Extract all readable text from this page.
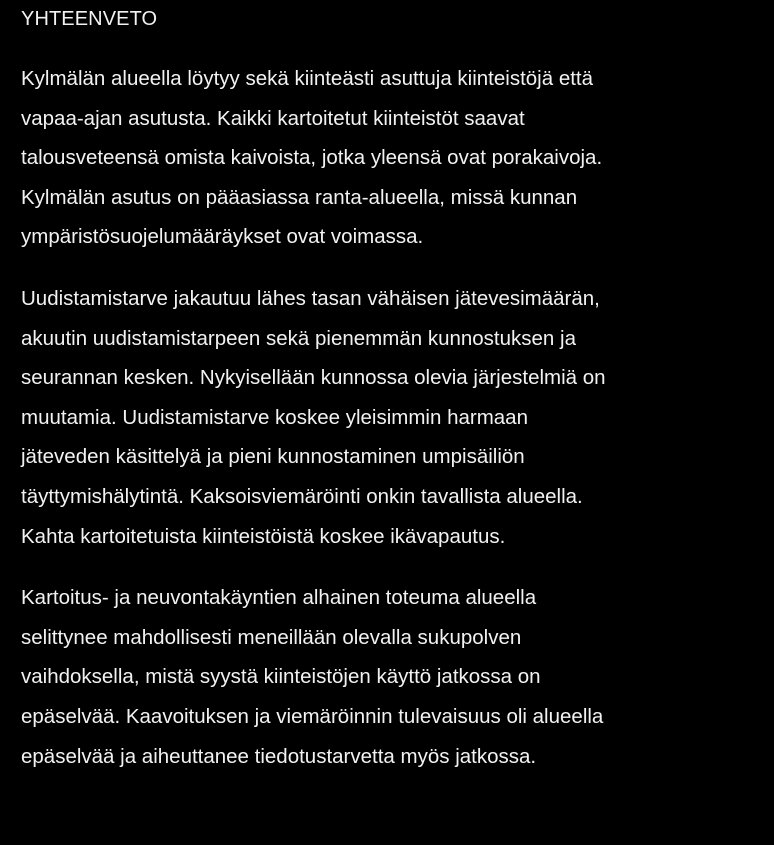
YHTEENVETO
Kylmälän alueella löytyy sekä kiinteästi asuttuja kiinteistöjä että
vapaa-ajan asutusta. Kaikki kartoitetut kiinteistöt saavat
talousveteensä omista kaivoista, jotka yleensä ovat porakaivoja.
Kylmälän asutus on pääasiassa ranta-alueella, missä kunnan
ympäristösuojelumääräykset ovat voimassa.
Uudistamistarve jakautuu lähes tasan vähäisen jätevesimäärän,
akuutin uudistamistarpeen sekä pienemmän kunnostuksen ja
seurannan kesken. Nykyisellään kunnossa olevia järjestelmiä on
muutamia. Uudistamistarve koskee yleisimmin harmaan
jäteveden käsittelyä ja pieni kunnostaminen umpisäiliön
täyttymishälytintä. Kaksoisviemäröinti onkin tavallista alueella.
Kahta kartoitetuista kiinteistöistä koskee ikävapautus.
Kartoitus- ja neuvontakäyntien alhainen toteuma alueella
selittynee mahdollisesti meneillään olevalla sukupolven
vaihdoksella, mistä syystä kiinteistöjen käyttö jatkossa on
epäselvää. Kaavoituksen ja viemäröinnin tulevaisuus oli alueella
epäselvää ja aiheuttanee tiedotustarvetta myös jatkossa.
